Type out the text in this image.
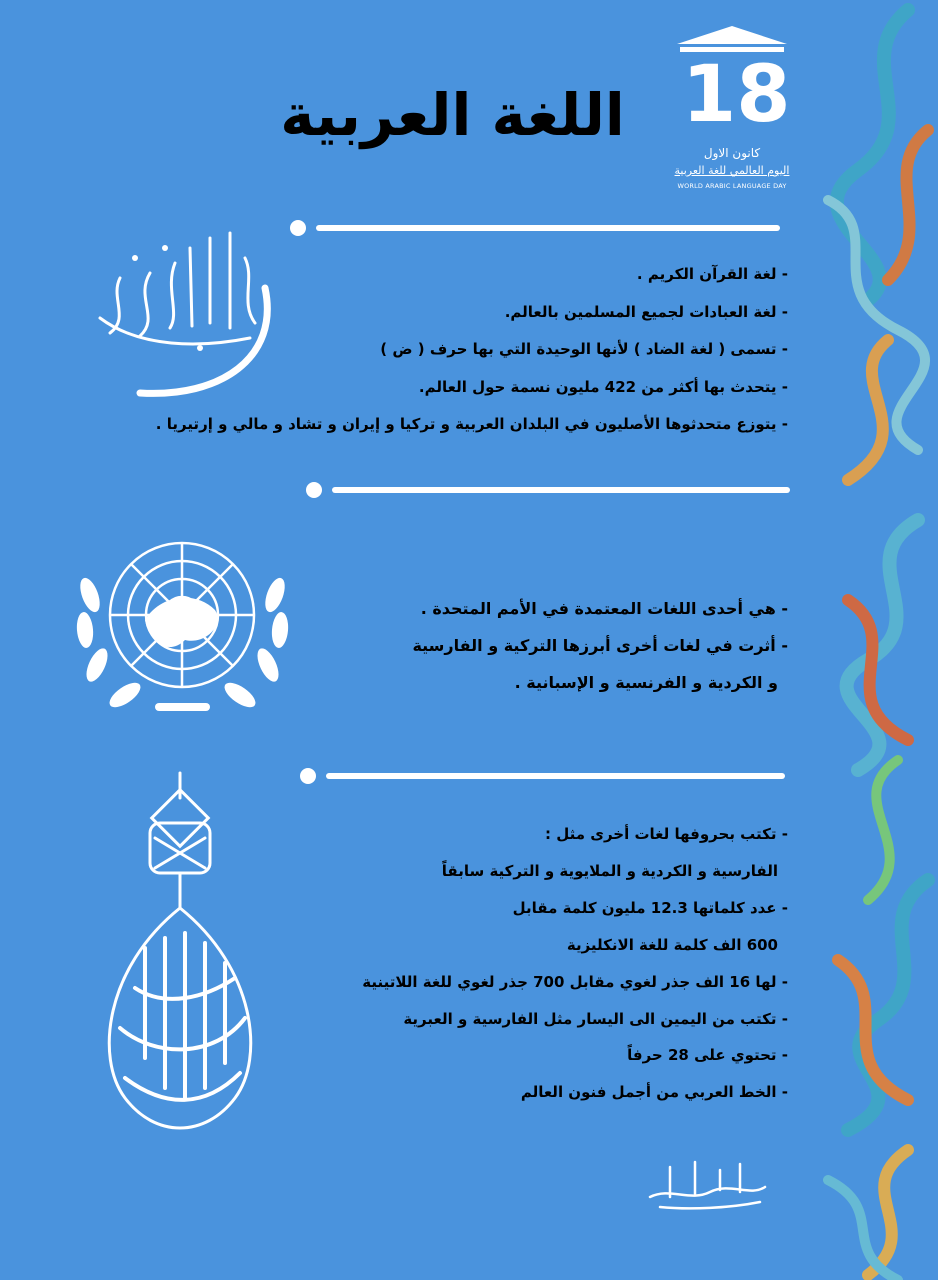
18
كانون الاول
اليوم العالمي للغة العربية
WORLD ARABIC LANGUAGE DAY
اللغة العربية
- لغة القرآن الكريم .
- لغة العبادات لجميع المسلمين بالعالم.
- تسمى ( لغة الضاد ) لأنها الوحيدة التي بها حرف ( ض )
- يتحدث بها أكثر من 422 مليون نسمة حول العالم.
- يتوزع متحدثوها الأصليون في البلدان العربية و تركيا و إيران و تشاد و مالي و إرتيريا .
- هي أحدى اللغات المعتمدة في الأمم المتحدة .
- أثرت في لغات أخرى أبرزها التركية و الفارسية
و الكردية و الفرنسية و الإسبانية .
- تكتب بحروفها لغات أخرى مثل :
الفارسية و الكردية و الملايوية و التركية سابقاً
- عدد كلماتها 12.3 مليون كلمة مقابل
600 الف كلمة للغة الانكليزية
- لها 16 الف جذر لغوي مقابل 700 جذر لغوي للغة اللاتينية
- تكتب من اليمين الى اليسار مثل الفارسية و العبرية
- تحتوي على 28 حرفاً
- الخط العربي من أجمل فنون العالم
